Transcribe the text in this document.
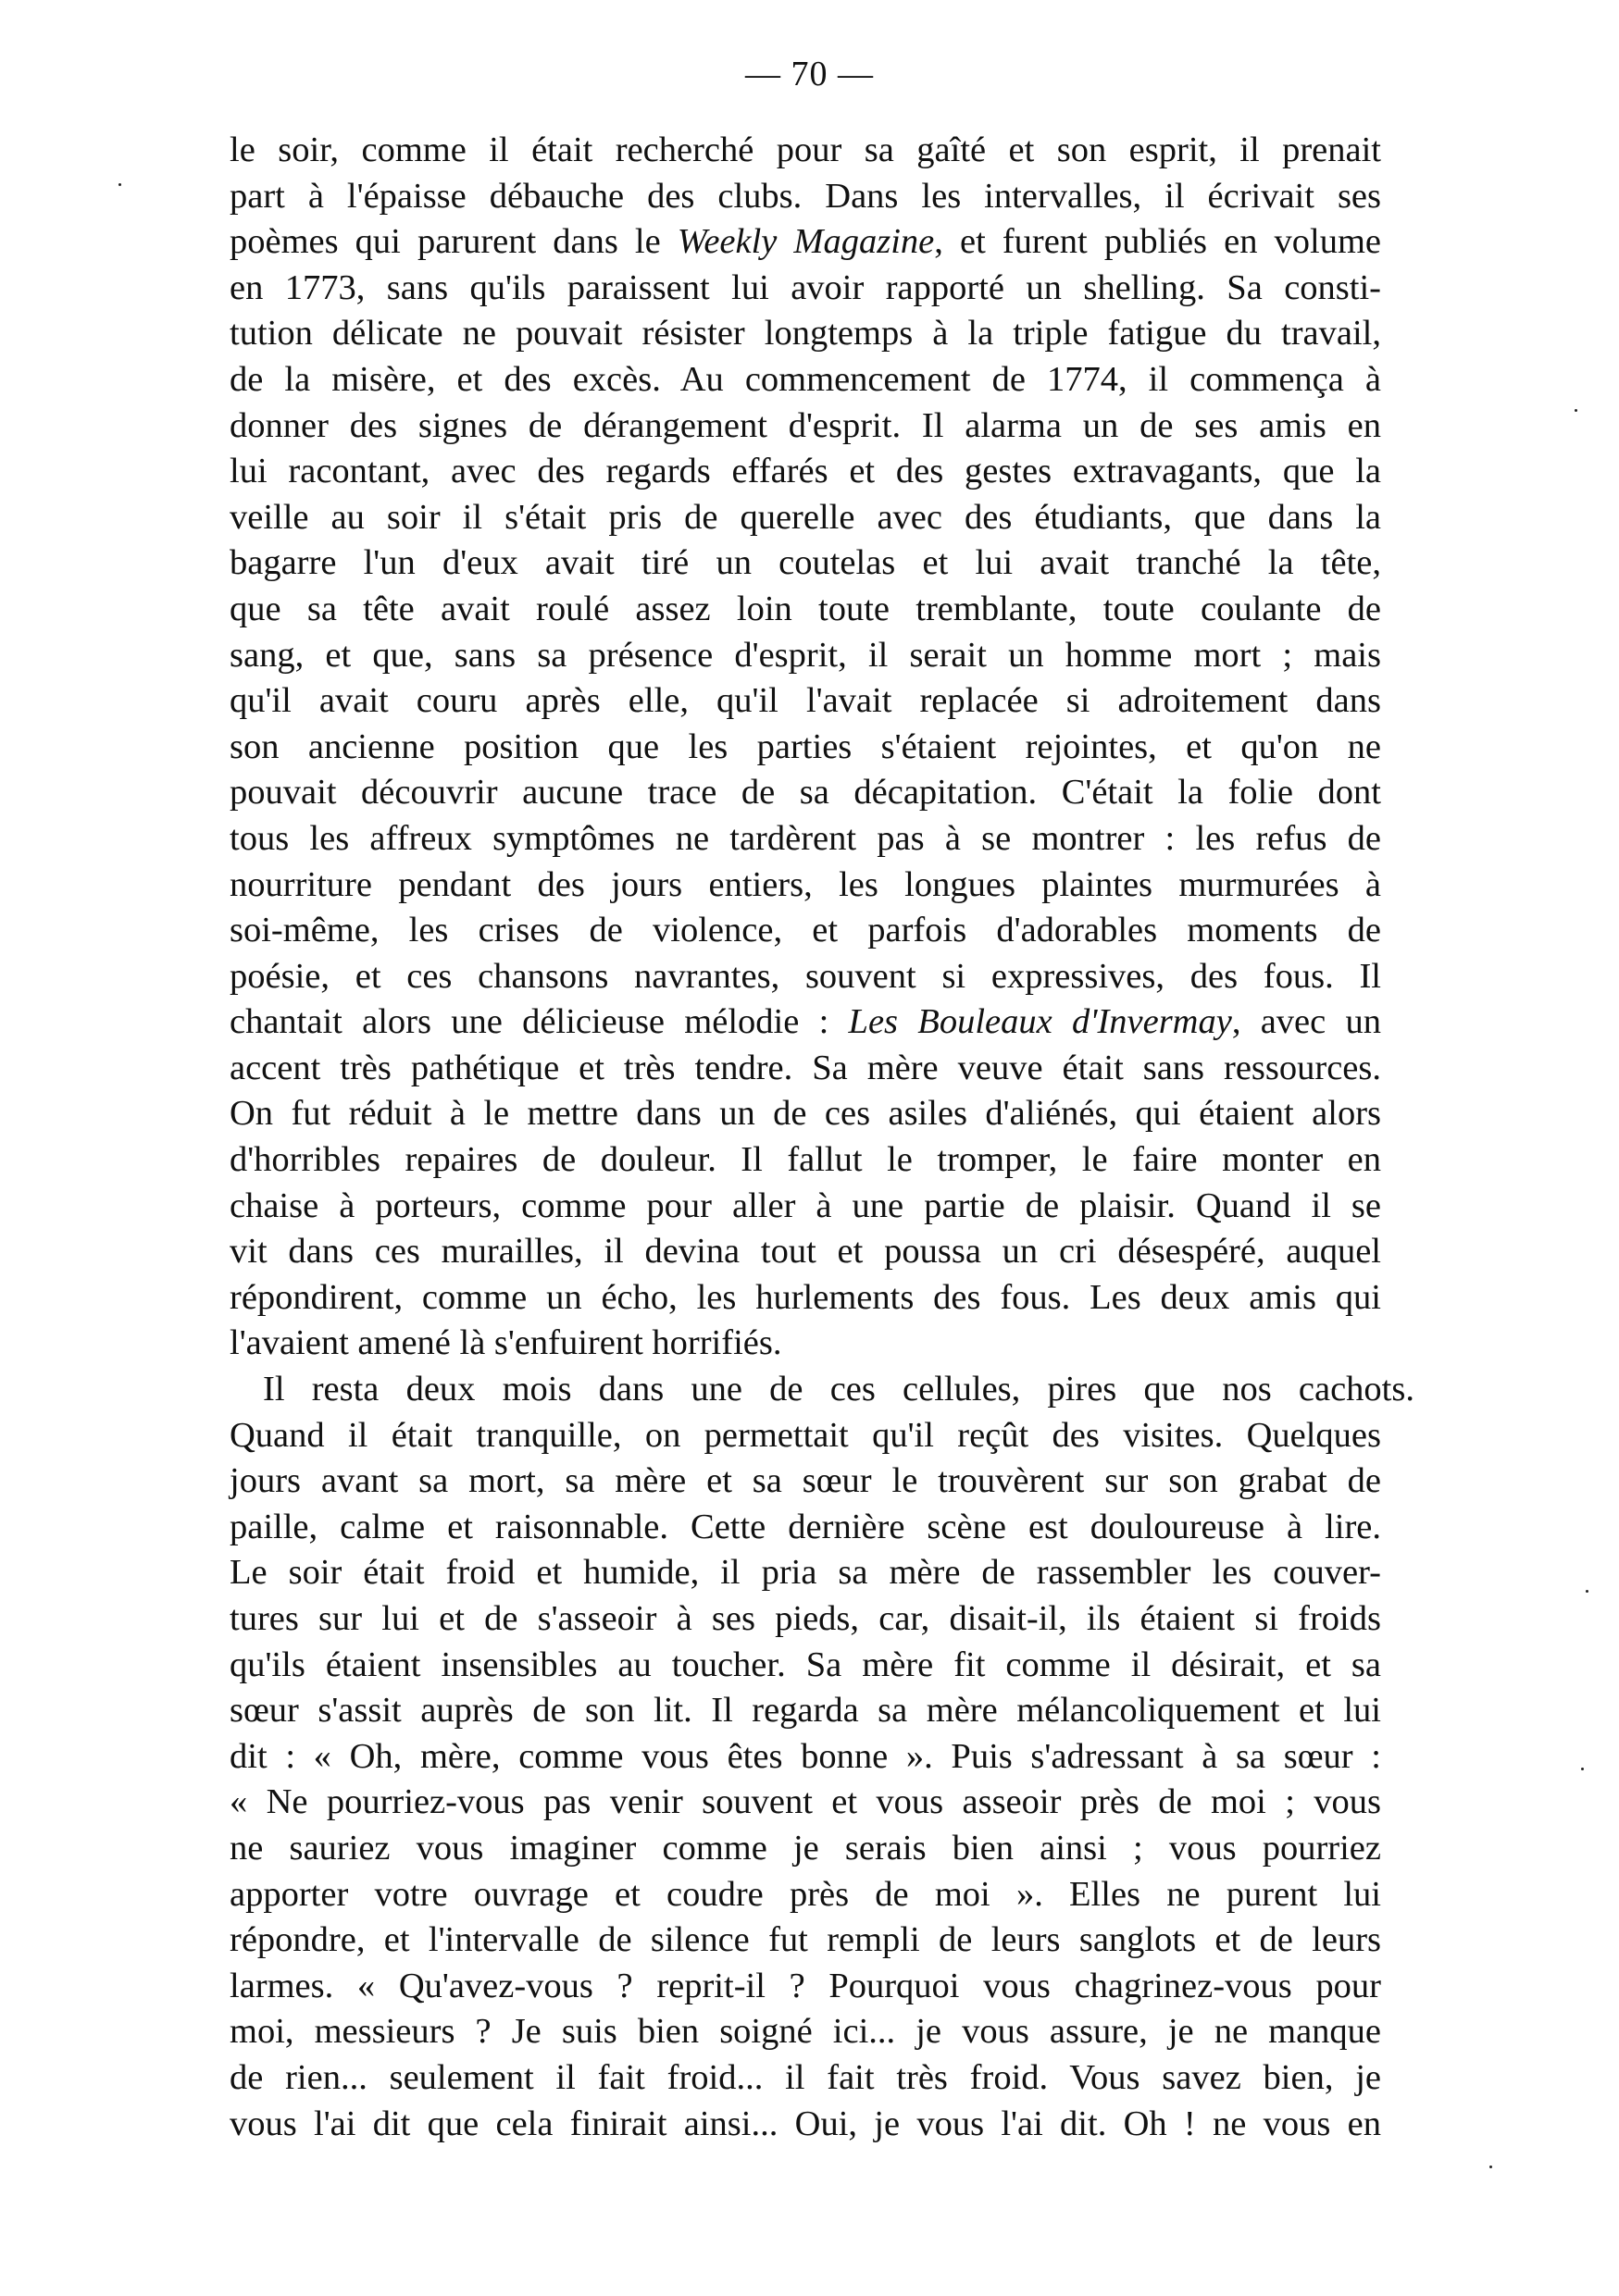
— 70 —
le soir, comme il était recherché pour sa gaîté et son esprit, il prenait
part à l'épaisse débauche des clubs. Dans les intervalles, il écrivait ses
poèmes qui parurent dans le Weekly Magazine, et furent publiés en volume
en 1773, sans qu'ils paraissent lui avoir rapporté un shelling. Sa consti-
tution délicate ne pouvait résister longtemps à la triple fatigue du travail,
de la misère, et des excès. Au commencement de 1774, il commença à
donner des signes de dérangement d'esprit. Il alarma un de ses amis en
lui racontant, avec des regards effarés et des gestes extravagants, que la
veille au soir il s'était pris de querelle avec des étudiants, que dans la
bagarre l'un d'eux avait tiré un coutelas et lui avait tranché la tête,
que sa tête avait roulé assez loin toute tremblante, toute coulante de
sang, et que, sans sa présence d'esprit, il serait un homme mort ; mais
qu'il avait couru après elle, qu'il l'avait replacée si adroitement dans
son ancienne position que les parties s'étaient rejointes, et qu'on ne
pouvait découvrir aucune trace de sa décapitation. C'était la folie dont
tous les affreux symptômes ne tardèrent pas à se montrer : les refus de
nourriture pendant des jours entiers, les longues plaintes murmurées à
soi-même, les crises de violence, et parfois d'adorables moments de
poésie, et ces chansons navrantes, souvent si expressives, des fous. Il
chantait alors une délicieuse mélodie : Les Bouleaux d'Invermay, avec un
accent très pathétique et très tendre. Sa mère veuve était sans ressources.
On fut réduit à le mettre dans un de ces asiles d'aliénés, qui étaient alors
d'horribles repaires de douleur. Il fallut le tromper, le faire monter en
chaise à porteurs, comme pour aller à une partie de plaisir. Quand il se
vit dans ces murailles, il devina tout et poussa un cri désespéré, auquel
répondirent, comme un écho, les hurlements des fous. Les deux amis qui
l'avaient amené là s'enfuirent horrifiés.
Il resta deux mois dans une de ces cellules, pires que nos cachots.
Quand il était tranquille, on permettait qu'il reçût des visites. Quelques
jours avant sa mort, sa mère et sa sœur le trouvèrent sur son grabat de
paille, calme et raisonnable. Cette dernière scène est douloureuse à lire.
Le soir était froid et humide, il pria sa mère de rassembler les couver-
tures sur lui et de s'asseoir à ses pieds, car, disait-il, ils étaient si froids
qu'ils étaient insensibles au toucher. Sa mère fit comme il désirait, et sa
sœur s'assit auprès de son lit. Il regarda sa mère mélancoliquement et lui
dit : « Oh, mère, comme vous êtes bonne ». Puis s'adressant à sa sœur :
« Ne pourriez-vous pas venir souvent et vous asseoir près de moi ; vous
ne sauriez vous imaginer comme je serais bien ainsi ; vous pourriez
apporter votre ouvrage et coudre près de moi ». Elles ne purent lui
répondre, et l'intervalle de silence fut rempli de leurs sanglots et de leurs
larmes. « Qu'avez-vous ? reprit-il ? Pourquoi vous chagrinez-vous pour
moi, messieurs ? Je suis bien soigné ici... je vous assure, je ne manque
de rien... seulement il fait froid... il fait très froid. Vous savez bien, je
vous l'ai dit que cela finirait ainsi... Oui, je vous l'ai dit. Oh ! ne vous en
